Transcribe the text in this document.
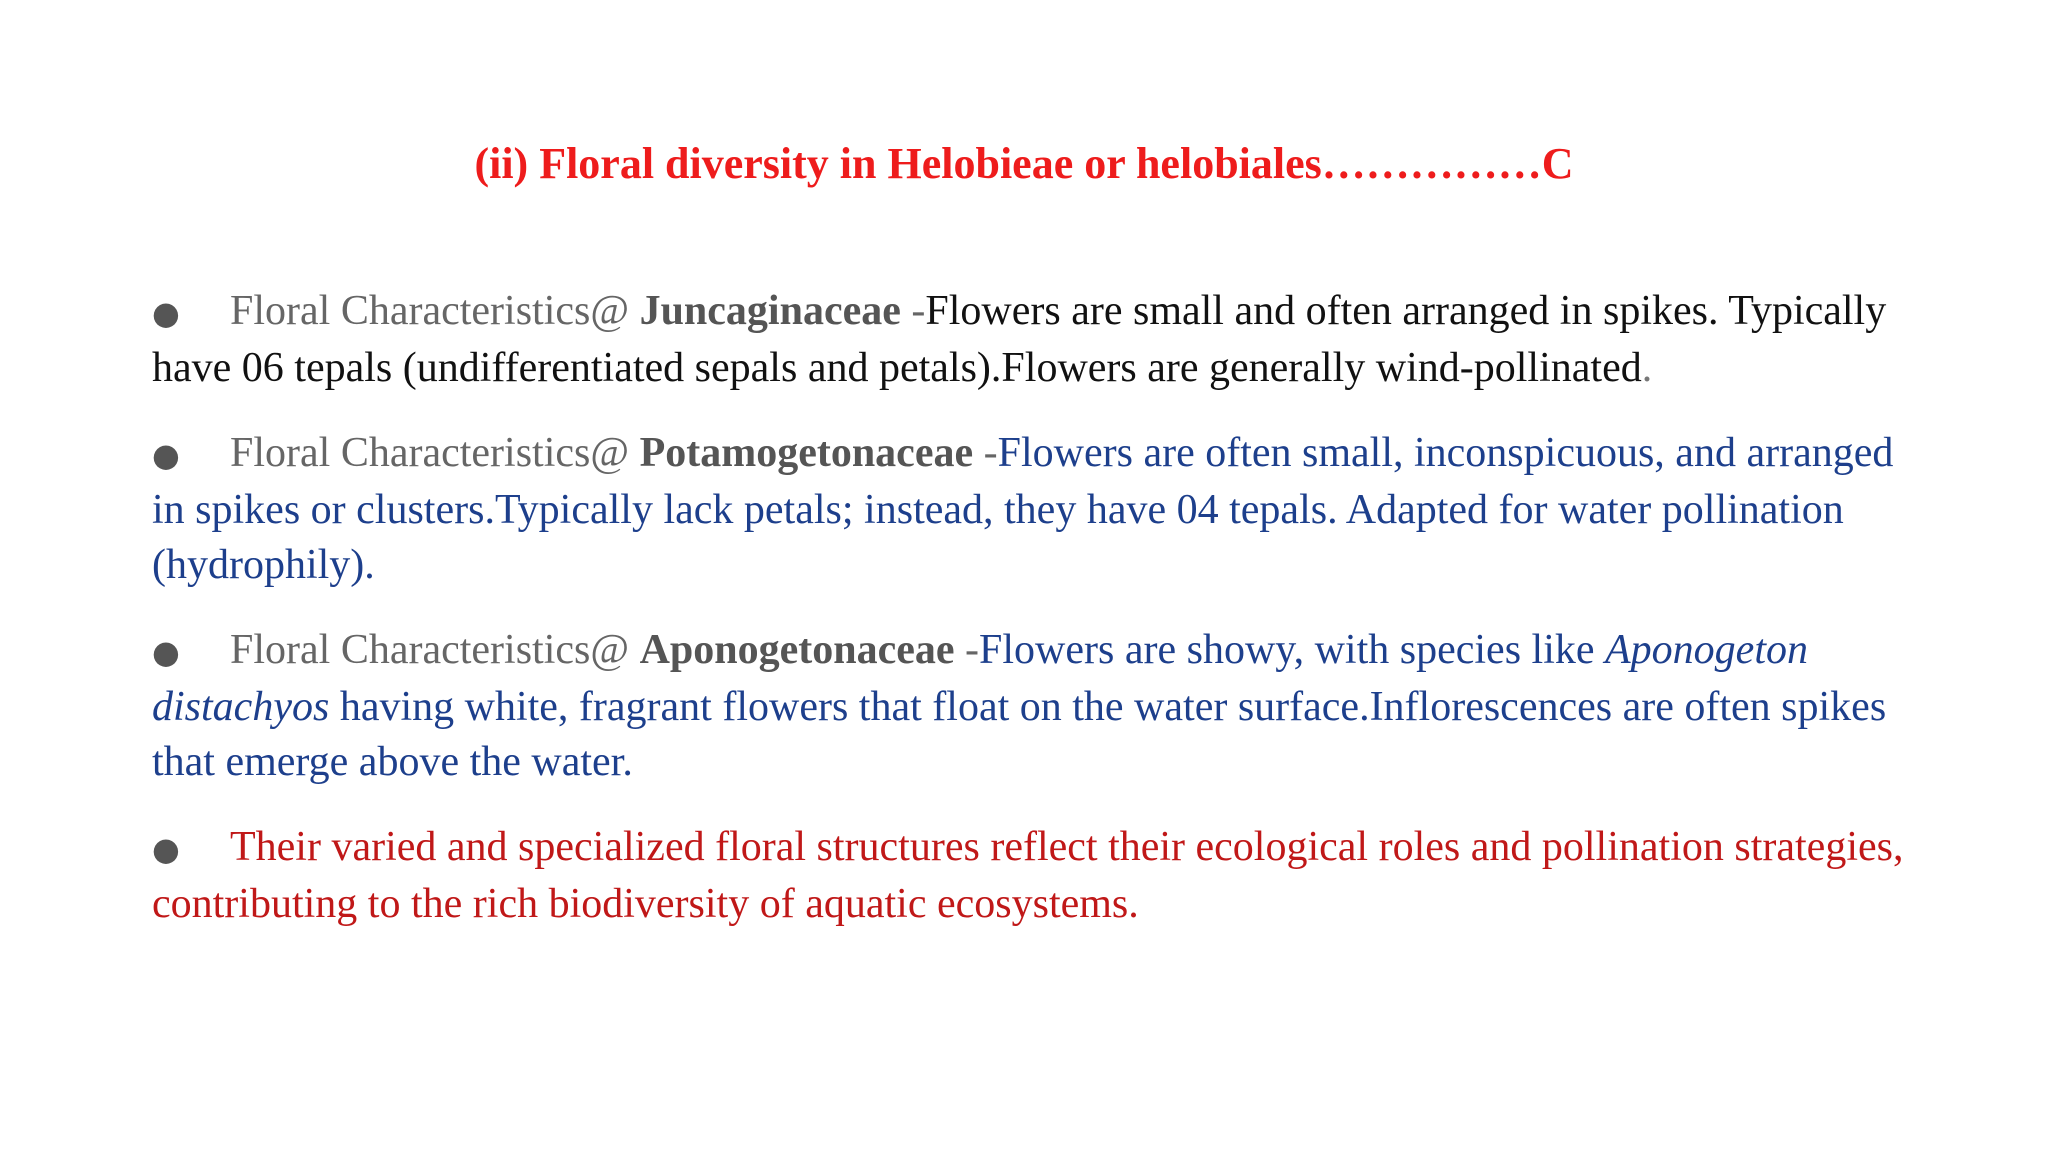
(ii) Floral diversity in Helobieae or helobiales……………C

● Floral Characteristics@ Juncaginaceae -Flowers are small and often arranged in spikes. Typically have 06 tepals (undifferentiated sepals and petals).Flowers are generally wind-pollinated.

● Floral Characteristics@ Potamogetonaceae -Flowers are often small, inconspicuous, and arranged in spikes or clusters.Typically lack petals; instead, they have 04 tepals. Adapted for water pollination (hydrophily).

● Floral Characteristics@ Aponogetonaceae -Flowers are showy, with species like Aponogeton distachyos having white, fragrant flowers that float on the water surface.Inflorescences are often spikes that emerge above the water.

● Their varied and specialized floral structures reflect their ecological roles and pollination strategies, contributing to the rich biodiversity of aquatic ecosystems.
